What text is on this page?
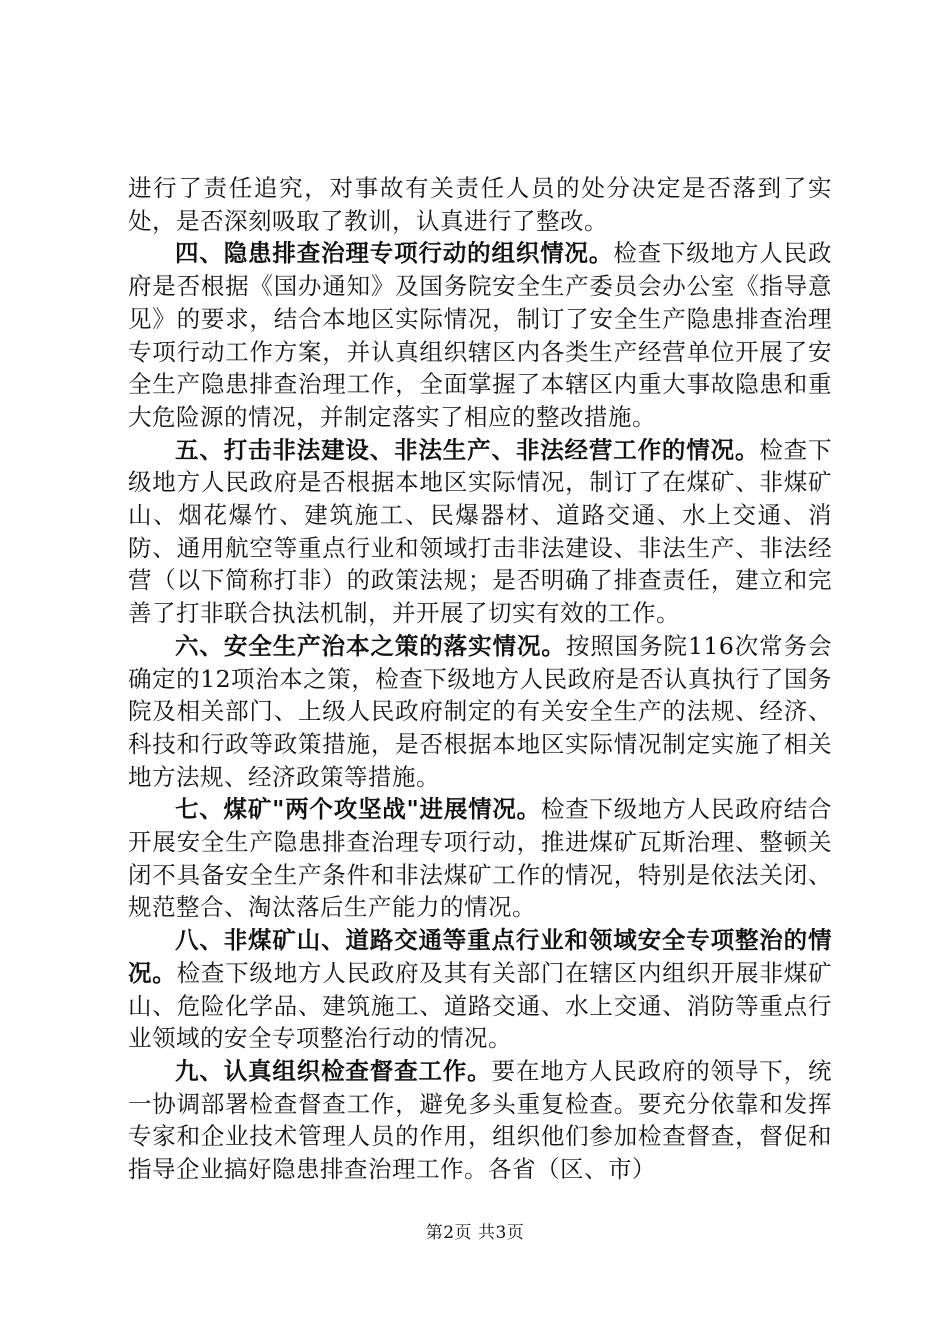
进行了责任追究，对事故有关责任人员的处分决定是否落到了实处，是否深刻吸取了教训，认真进行了整改。

四、隐患排查治理专项行动的组织情况。检查下级地方人民政府是否根据《国办通知》及国务院安全生产委员会办公室《指导意见》的要求，结合本地区实际情况，制订了安全生产隐患排查治理专项行动工作方案，并认真组织辖区内各类生产经营单位开展了安全生产隐患排查治理工作，全面掌握了本辖区内重大事故隐患和重大危险源的情况，并制定落实了相应的整改措施。

五、打击非法建设、非法生产、非法经营工作的情况。检查下级地方人民政府是否根据本地区实际情况，制订了在煤矿、非煤矿山、烟花爆竹、建筑施工、民爆器材、道路交通、水上交通、消防、通用航空等重点行业和领域打击非法建设、非法生产、非法经营（以下简称打非）的政策法规；是否明确了排查责任，建立和完善了打非联合执法机制，并开展了切实有效的工作。

六、安全生产治本之策的落实情况。按照国务院116次常务会确定的12项治本之策，检查下级地方人民政府是否认真执行了国务院及相关部门、上级人民政府制定的有关安全生产的法规、经济、科技和行政等政策措施，是否根据本地区实际情况制定实施了相关地方法规、经济政策等措施。

七、煤矿"两个攻坚战"进展情况。检查下级地方人民政府结合开展安全生产隐患排查治理专项行动，推进煤矿瓦斯治理、整顿关闭不具备安全生产条件和非法煤矿工作的情况，特别是依法关闭、规范整合、淘汰落后生产能力的情况。

八、非煤矿山、道路交通等重点行业和领域安全专项整治的情况。检查下级地方人民政府及其有关部门在辖区内组织开展非煤矿山、危险化学品、建筑施工、道路交通、水上交通、消防等重点行业领域的安全专项整治行动的情况。

九、认真组织检查督查工作。要在地方人民政府的领导下，统一协调部署检查督查工作，避免多头重复检查。要充分依靠和发挥专家和企业技术管理人员的作用，组织他们参加检查督查，督促和指导企业搞好隐患排查治理工作。各省（区、市）

第2页 共3页
